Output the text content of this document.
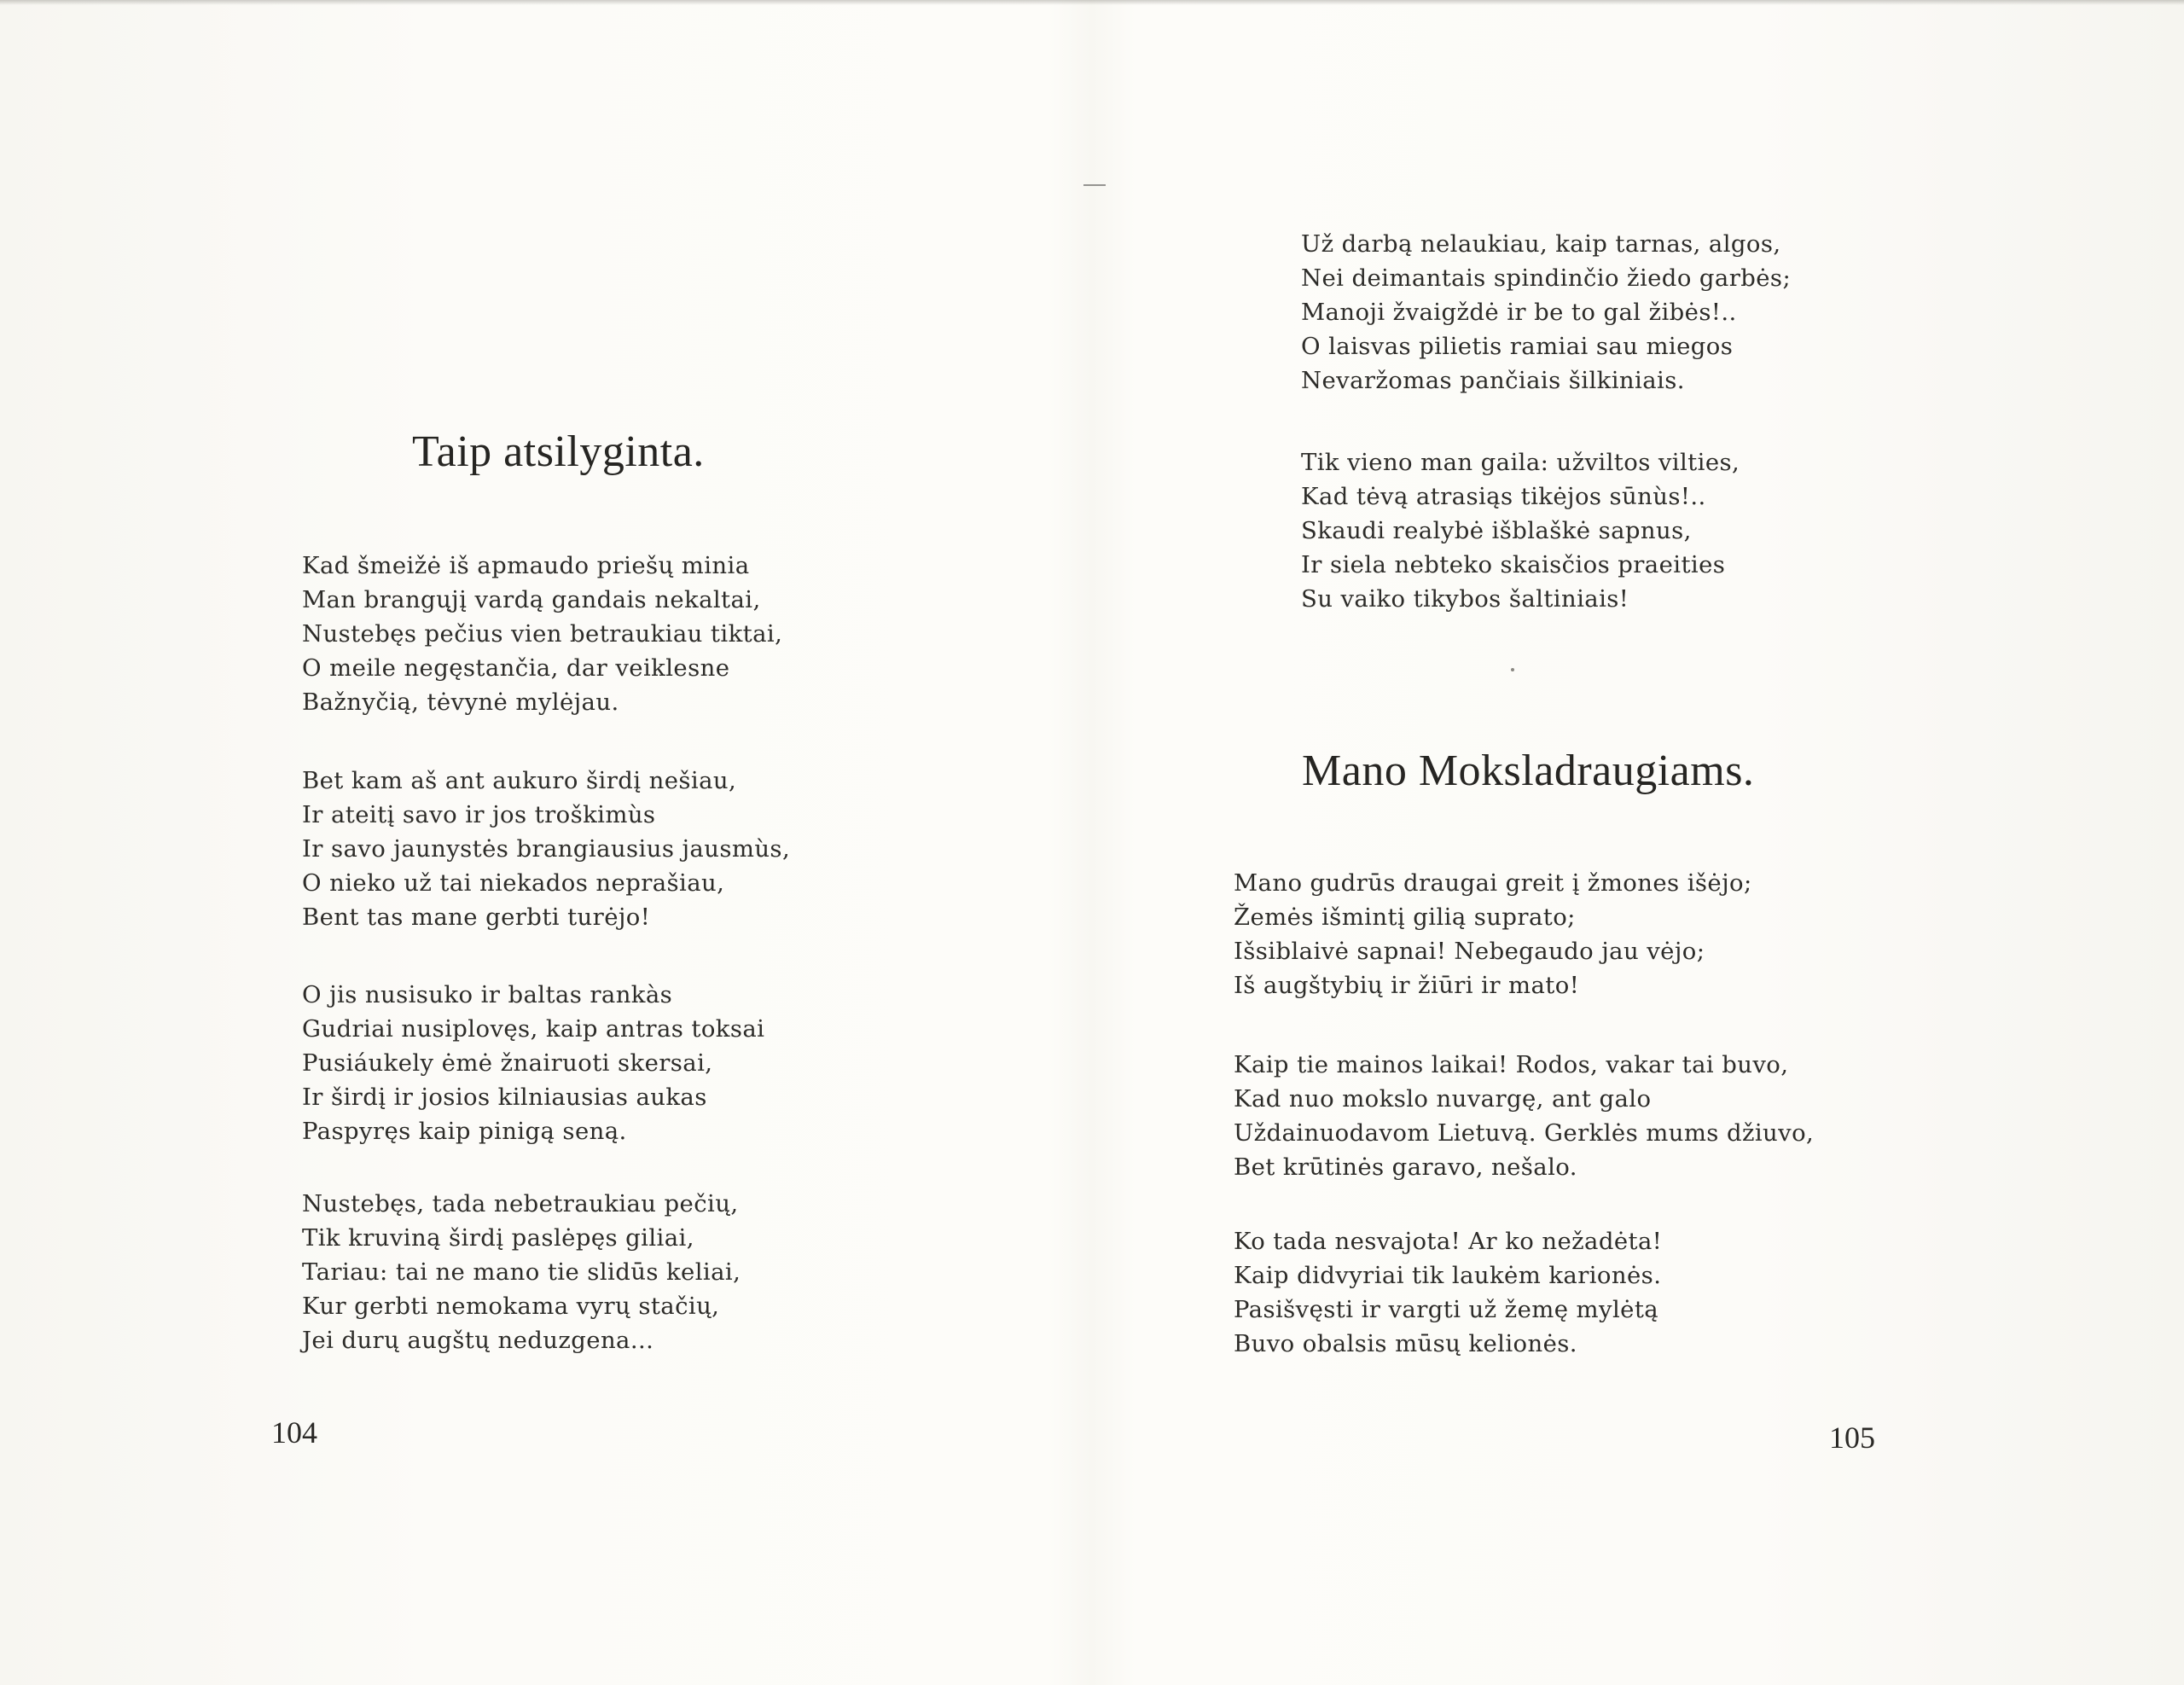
Taip atsilyginta.
Kad šmeižė iš apmaudo priešų minia
Man brangųjį vardą gandais nekaltai,
Nustebęs pečius vien betraukiau tiktai,
O meile negęstančia, dar veiklesne
Bažnyčią, tėvynė mylėjau.
Bet kam aš ant aukuro širdį nešiau,
Ir ateitį savo ir jos troškimùs
Ir savo jaunystės brangiausius jausmùs,
O nieko už tai niekados neprašiau,
Bent tas mane gerbti turėjo!
O jis nusisuko ir baltas rankàs
Gudriai nusiplovęs, kaip antras toksai
Pusiáukely ėmė žnairuoti skersai,
Ir širdį ir josios kilniausias aukas
Paspyręs kaip pinigą seną.
Nustebęs, tada nebetraukiau pečių,
Tik kruviną širdį paslėpęs giliai,
Tariau: tai ne mano tie slidūs keliai,
Kur gerbti nemokama vyrų stačių,
Jei durų augštų neduzgena...
104
Už darbą nelaukiau, kaip tarnas, algos,
Nei deimantais spindinčio žiedo garbės;
Manoji žvaigždė ir be to gal žibės!..
O laisvas pilietis ramiai sau miegos
Nevaržomas pančiais šilkiniais.
Tik vieno man gaila: užviltos vilties,
Kad tėvą atrasiąs tikėjos sūnùs!..
Skaudi realybė išblaškė sapnus,
Ir siela nebteko skaisčios praeities
Su vaiko tikybos šaltiniais!
Mano Moksladraugiams.
Mano gudrūs draugai greit į žmones išėjo;
Žemės išmintį gilią suprato;
Išsiblaivė sapnai! Nebegaudo jau vėjo;
Iš augštybių ir žiūri ir mato!
Kaip tie mainos laikai! Rodos, vakar tai buvo,
Kad nuo mokslo nuvargę, ant galo
Uždainuodavom Lietuvą. Gerklės mums džiuvo,
Bet krūtinės garavo, nešalo.
Ko tada nesvajota! Ar ko nežadėta!
Kaip didvyriai tik laukėm karionės.
Pasišvęsti ir vargti už žemę mylėtą
Buvo obalsis mūsų kelionės.
105
